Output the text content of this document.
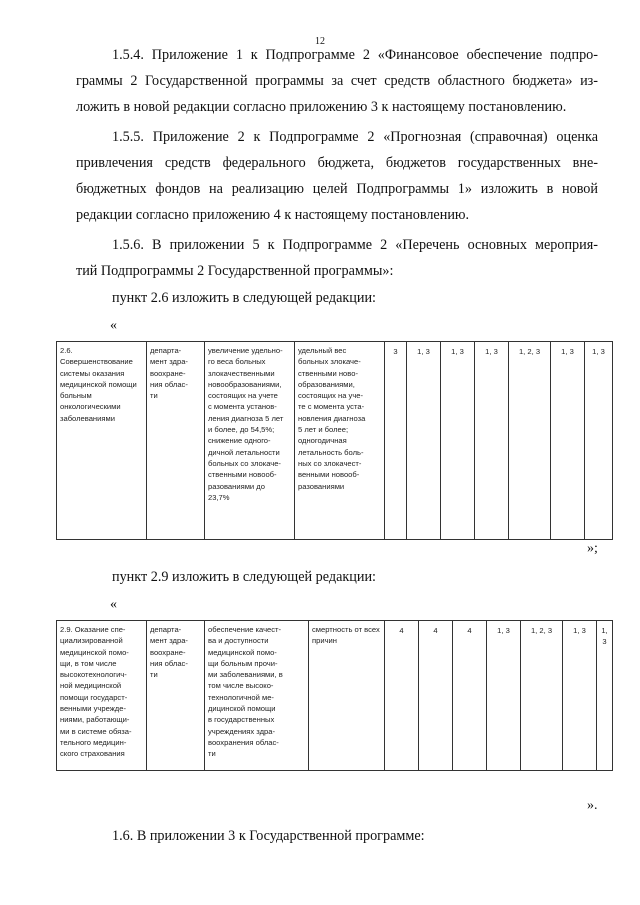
12
1.5.4. Приложение 1 к Подпрограмме 2 «Финансовое обеспечение подпро-
граммы 2 Государственной программы за счет средств областного бюджета» из-
ложить в новой редакции согласно приложению 3 к настоящему постановлению.
1.5.5. Приложение 2 к Подпрограмме 2 «Прогнозная (справочная) оценка
привлечения средств федерального бюджета, бюджетов государственных вне-
бюджетных фондов на реализацию целей Подпрограммы 1» изложить в новой
редакции согласно приложению 4 к настоящему постановлению.
1.5.6. В приложении 5 к Подпрограмме 2 «Перечень основных мероприя-
тий Подпрограммы 2 Государственной программы»:
пункт 2.6 изложить в следующей редакции:
«
2.6. Совершенствование системы оказания медицинской помощи больным онкологическими заболеваниями	департа-
мент здра-
воохране-
ния облас-
ти	увеличение удельно-
го веса больных
злокачественными
новообразованиями,
состоящих на учете
с момента установ-
ления диагноза 5 лет
и более, до 54,5%;
снижение одного-
дичной летальности
больных со злокаче-
ственными новооб-
разованиями до
23,7%	удельный вес
больных злокаче-
ственными ново-
образованиями,
состоящих на уче-
те с момента уста-
новления диагноза
5 лет и более;
одногодичная
летальность боль-
ных со злокачест-
венными новооб-
разованиями	3	1, 3	1, 3	1, 3	1, 2, 3	1, 3	1, 3
»;
пункт 2.9 изложить в следующей редакции:
«
2.9. Оказание спе-
циализированной
медицинской помо-
щи, в том числе
высокотехнологич-
ной медицинской
помощи государст-
венными учрежде-
ниями, работающи-
ми в системе обяза-
тельного медицин-
ского страхования	департа-
мент здра-
воохране-
ния облас-
ти	обеспечение качест-
ва и доступности
медицинской помо-
щи больным прочи-
ми заболеваниями, в
том числе высоко-
технологичной ме-
дицинской помощи
в государственных
учреждениях здра-
воохранения облас-
ти	смертность от всех
причин	4	4	4	1, 3	1, 2, 3	1, 3	1, 3
».
1.6. В приложении 3 к Государственной программе:
